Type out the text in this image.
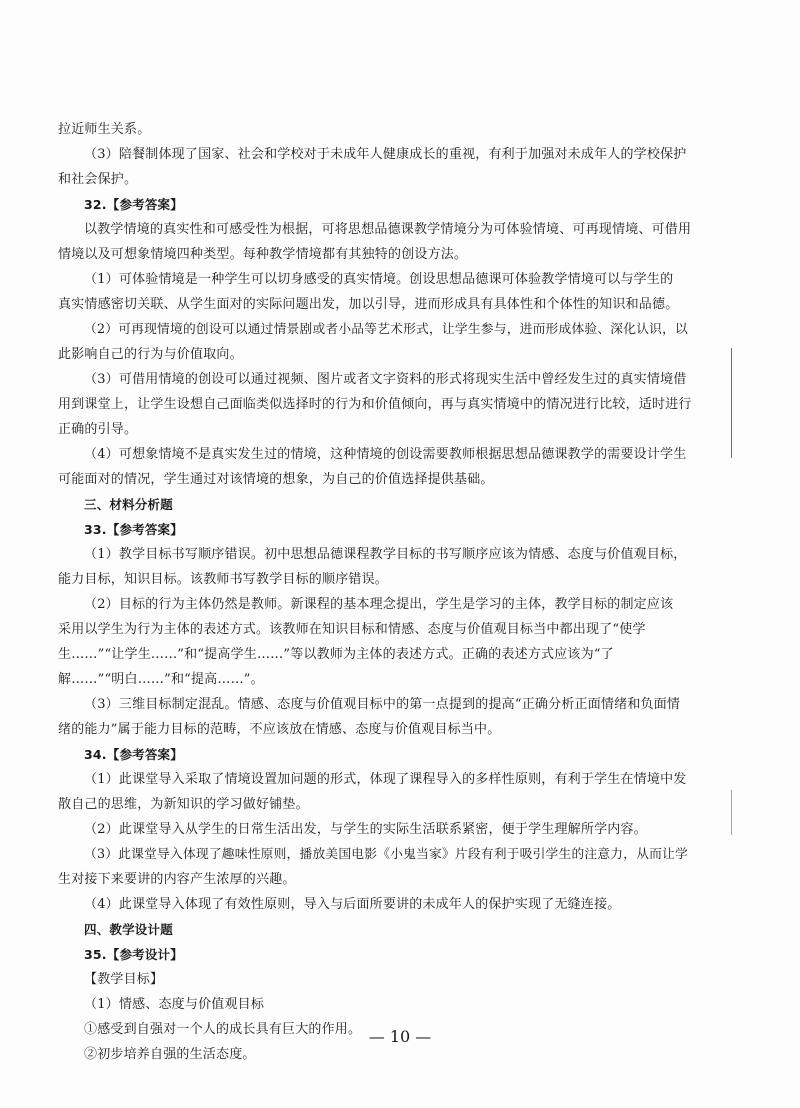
拉近师生关系。
（3）陪餐制体现了国家、社会和学校对于未成年人健康成长的重视，有利于加强对未成年人的学校保护
和社会保护。
32.【参考答案】
以教学情境的真实性和可感受性为根据，可将思想品德课教学情境分为可体验情境、可再现情境、可借用
情境以及可想象情境四种类型。每种教学情境都有其独特的创设方法。
（1）可体验情境是一种学生可以切身感受的真实情境。创设思想品德课可体验教学情境可以与学生的
真实情感密切关联、从学生面对的实际问题出发，加以引导，进而形成具有具体性和个体性的知识和品德。
（2）可再现情境的创设可以通过情景剧或者小品等艺术形式，让学生参与，进而形成体验、深化认识，以
此影响自己的行为与价值取向。
（3）可借用情境的创设可以通过视频、图片或者文字资料的形式将现实生活中曾经发生过的真实情境借
用到课堂上，让学生设想自己面临类似选择时的行为和价值倾向，再与真实情境中的情况进行比较，适时进行
正确的引导。
（4）可想象情境不是真实发生过的情境，这种情境的创设需要教师根据思想品德课教学的需要设计学生
可能面对的情况，学生通过对该情境的想象，为自己的价值选择提供基础。
三、材料分析题
33.【参考答案】
（1）教学目标书写顺序错误。初中思想品德课程教学目标的书写顺序应该为情感、态度与价值观目标，
能力目标，知识目标。该教师书写教学目标的顺序错误。
（2）目标的行为主体仍然是教师。新课程的基本理念提出，学生是学习的主体，教学目标的制定应该
采用以学生为行为主体的表述方式。该教师在知识目标和情感、态度与价值观目标当中都出现了“使学
生……”“让学生……”和“提高学生……”等以教师为主体的表述方式。正确的表述方式应该为“了
解……”“明白……”和“提高……”。
（3）三维目标制定混乱。情感、态度与价值观目标中的第一点提到的提高“正确分析正面情绪和负面情
绪的能力”属于能力目标的范畴，不应该放在情感、态度与价值观目标当中。
34.【参考答案】
（1）此课堂导入采取了情境设置加问题的形式，体现了课程导入的多样性原则，有利于学生在情境中发
散自己的思维，为新知识的学习做好铺垫。
（2）此课堂导入从学生的日常生活出发，与学生的实际生活联系紧密，便于学生理解所学内容。
（3）此课堂导入体现了趣味性原则，播放美国电影《小鬼当家》片段有利于吸引学生的注意力，从而让学
生对接下来要讲的内容产生浓厚的兴趣。
（4）此课堂导入体现了有效性原则，导入与后面所要讲的未成年人的保护实现了无缝连接。
四、教学设计题
35.【参考设计】
【教学目标】
（1）情感、态度与价值观目标
①感受到自强对一个人的成长具有巨大的作用。
②初步培养自强的生活态度。
— 10 —
